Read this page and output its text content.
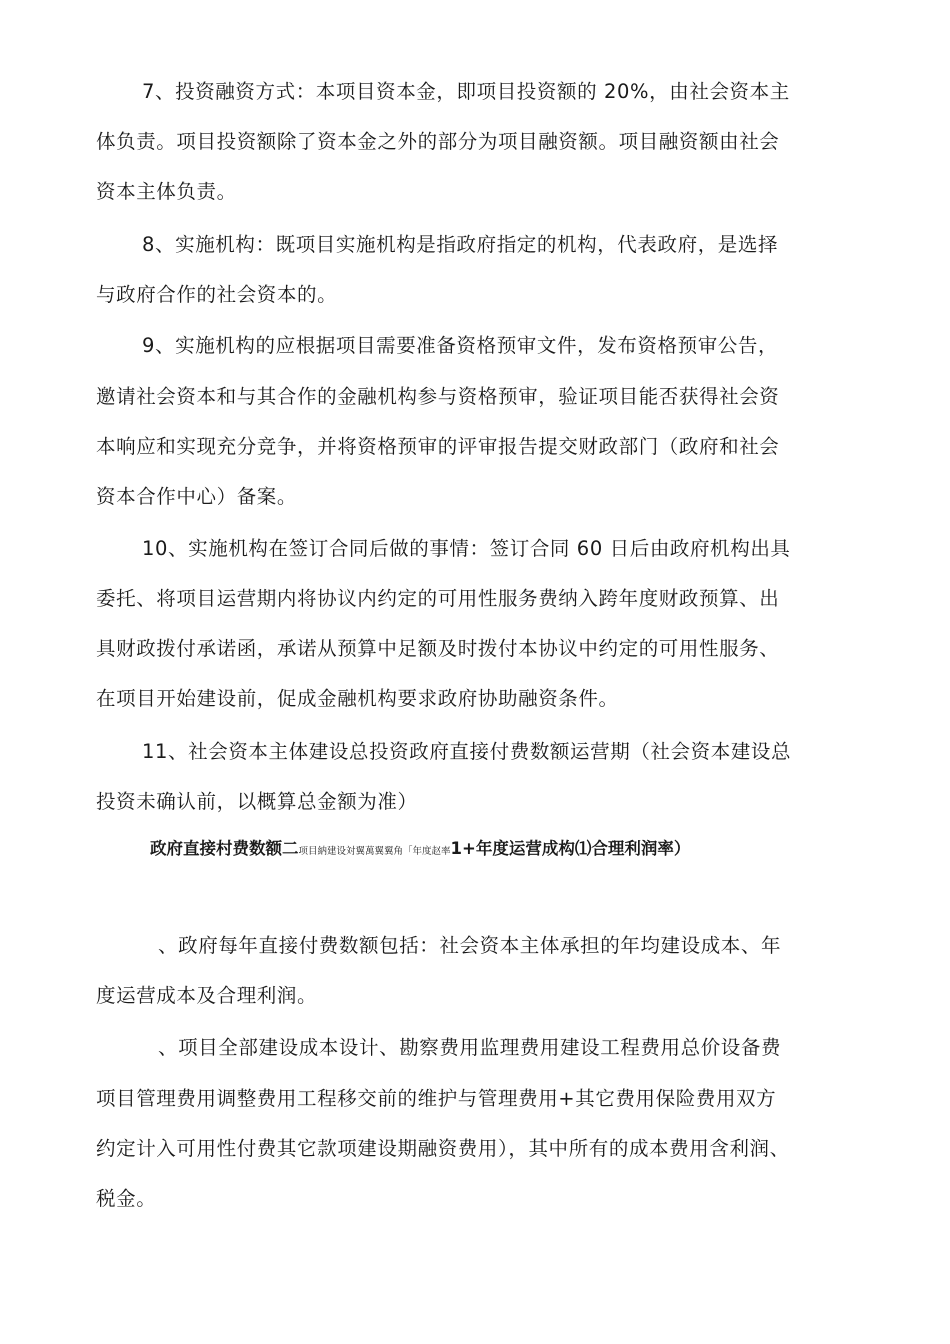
7、投资融资方式：本项目资本金，即项目投资额的 20%，由社会资本主
体负责。项目投资额除了资本金之外的部分为项目融资额。项目融资额由社会
资本主体负责。
8、实施机构：既项目实施机构是指政府指定的机构，代表政府，是选择
与政府合作的社会资本的。
9、实施机构的应根据项目需要准备资格预审文件，发布资格预审公告，
邀请社会资本和与其合作的金融机构参与资格预审，验证项目能否获得社会资
本响应和实现充分竞争，并将资格预审的评审报告提交财政部门（政府和社会
资本合作中心）备案。
10、实施机构在签订合同后做的事情：签订合同 60 日后由政府机构出具
委托、将项目运营期内将协议内约定的可用性服务费纳入跨年度财政预算、出
具财政拨付承诺函，承诺从预算中足额及时拨付本协议中约定的可用性服务、
在项目开始建设前，促成金融机构要求政府协助融资条件。
11、社会资本主体建设总投资政府直接付费数额运营期（社会资本建设总
投资未确认前，以概算总金额为准）
政府直接村费数额二项目納建设対翼萬翼翼角「年度赵率1+年度运营成构⑴合理利润率）
、政府每年直接付费数额包括：社会资本主体承担的年均建设成本、年
度运营成本及合理利润。
、项目全部建设成本设计、勘察费用监理费用建设工程费用总价设备费
项目管理费用调整费用工程移交前的维护与管理费用+其它费用保险费用双方
约定计入可用性付费其它款项建设期融资费用），其中所有的成本费用含利润、
税金。
